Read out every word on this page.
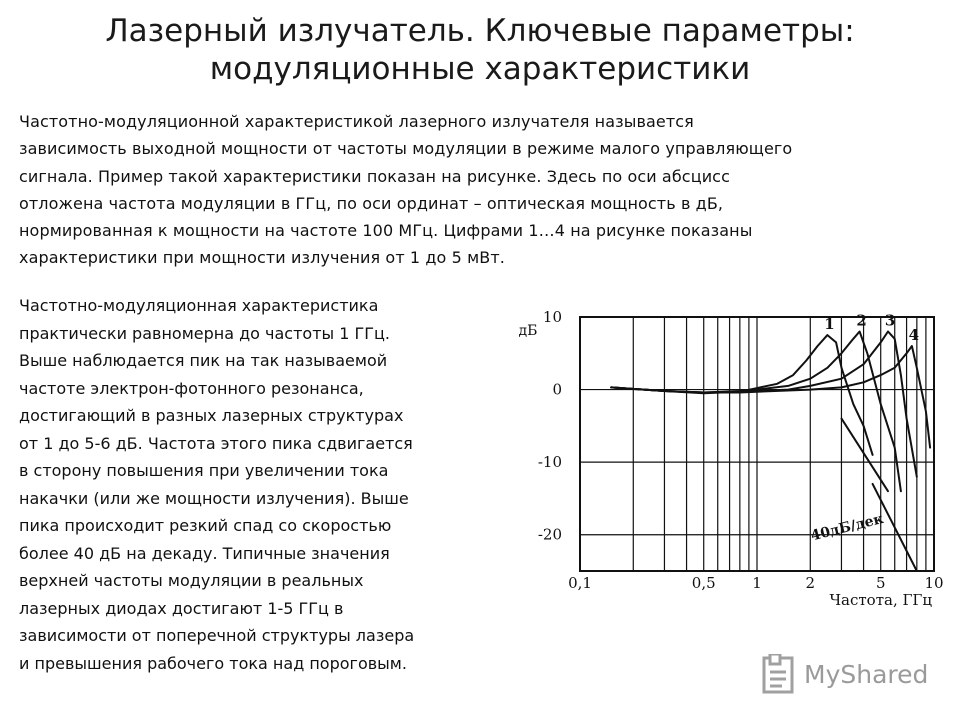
Лазерный излучатель. Ключевые параметры:
модуляционные характеристики
Частотно-модуляционной характеристикой лазерного излучателя называется
зависимость выходной мощности от частоты модуляции в режиме малого управляющего
сигнала. Пример такой характеристики показан на рисунке. Здесь по оси абсцисс
отложена частота модуляции в ГГц, по оси ординат – оптическая мощность в дБ,
нормированная к мощности на частоте 100 МГц. Цифрами 1…4 на рисунке показаны
характеристики при мощности излучения от 1 до 5 мВт.
Частотно-модуляционная характеристика
практически равномерна до частоты 1 ГГц.
Выше наблюдается пик на так называемой
частоте электрон-фотонного резонанса,
достигающий в разных лазерных структурах
от 1 до 5-6 дБ. Частота этого пика сдвигается
в сторону повышения при увеличении тока
накачки (или же мощности излучения). Выше
пика происходит резкий спад со скоростью
более 40 дБ на декаду. Типичные значения
верхней частоты модуляции в реальных
лазерных диодах достигают 1-5 ГГц в
зависимости от поперечной структуры лазера
и превышения рабочего тока над пороговым.
0,1	0,5 1	2	5	10
10
0
-10
-20
дБ
Частота, ГГц
1 2 3
4
40дБ/дек
MyShared
